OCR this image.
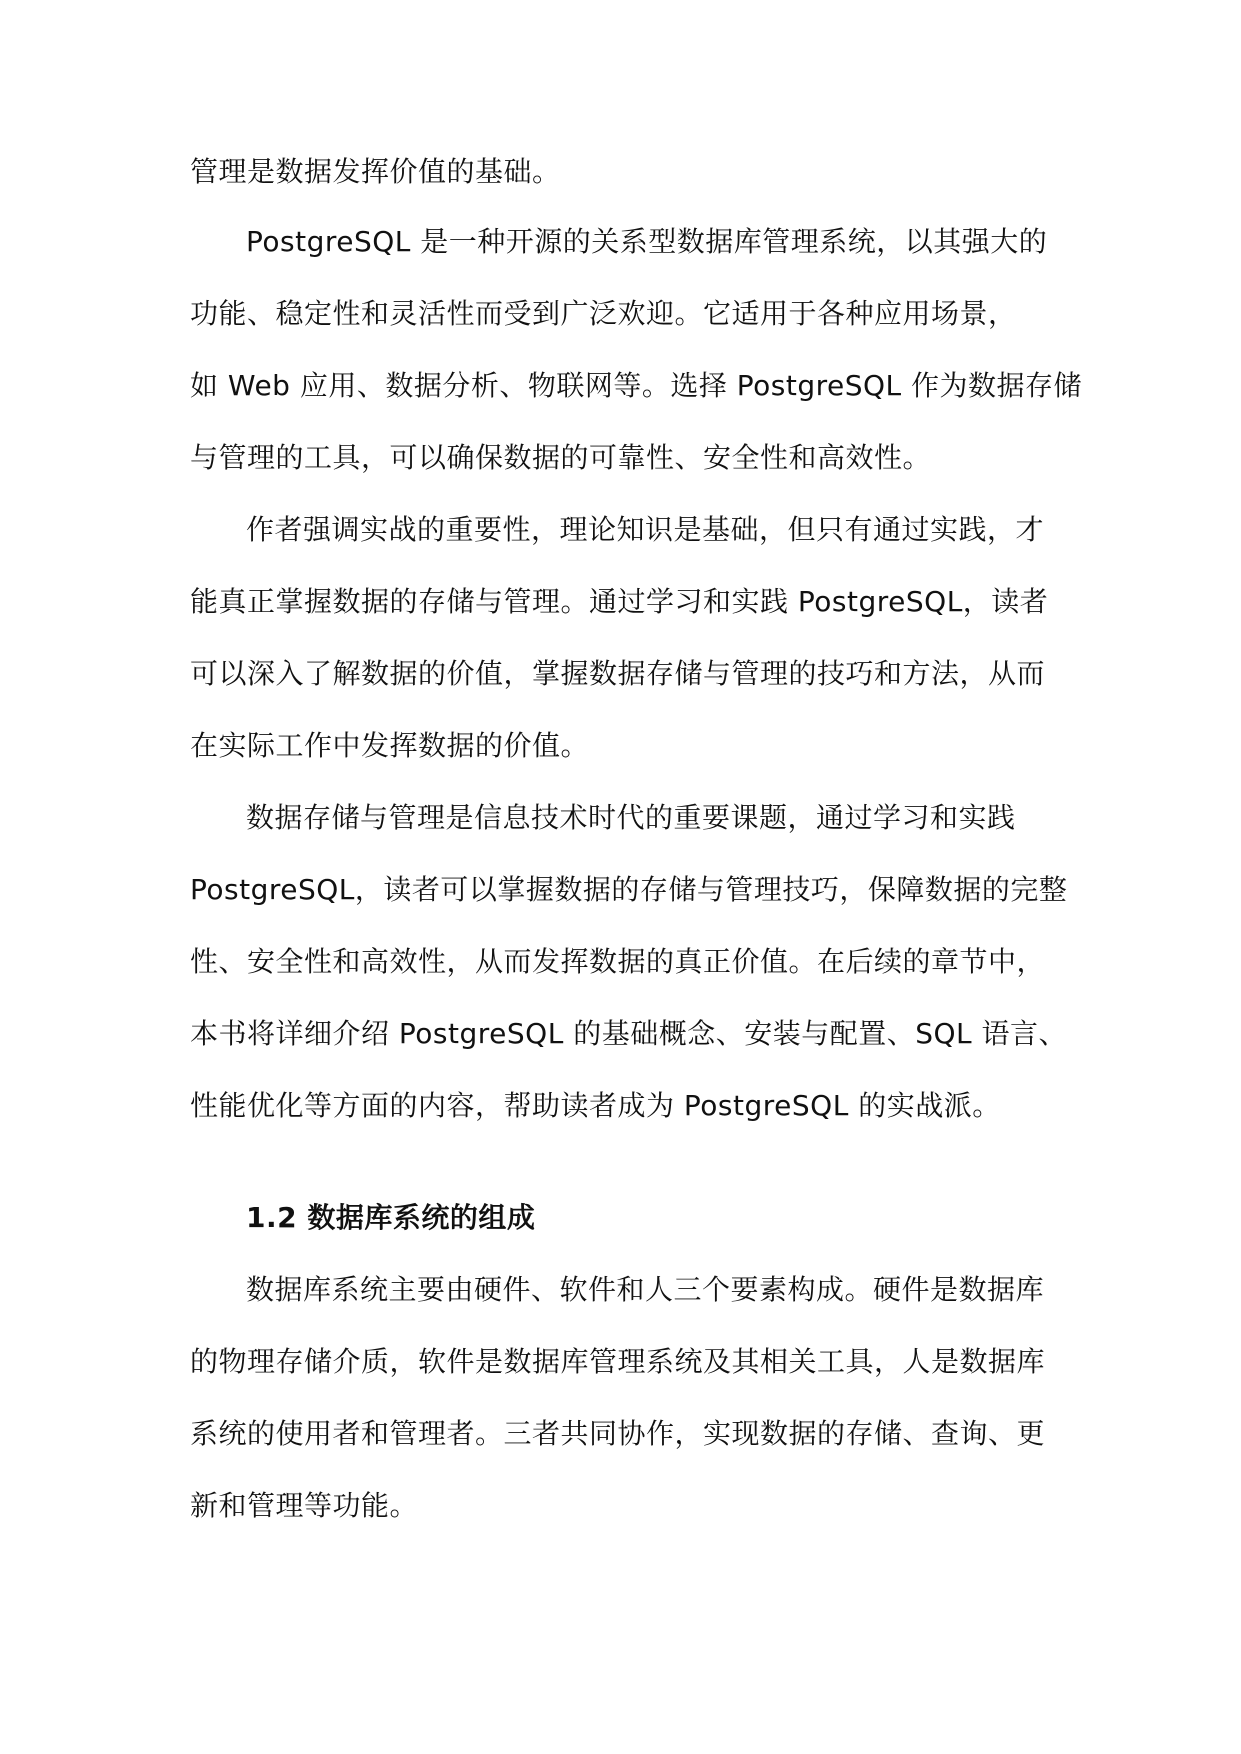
管理是数据发挥价值的基础。
PostgreSQL 是一种开源的关系型数据库管理系统，以其强大的
功能、稳定性和灵活性而受到广泛欢迎。它适用于各种应用场景，
如 Web 应用、数据分析、物联网等。选择 PostgreSQL 作为数据存储
与管理的工具，可以确保数据的可靠性、安全性和高效性。
作者强调实战的重要性，理论知识是基础，但只有通过实践，才
能真正掌握数据的存储与管理。通过学习和实践 PostgreSQL，读者
可以深入了解数据的价值，掌握数据存储与管理的技巧和方法，从而
在实际工作中发挥数据的价值。
数据存储与管理是信息技术时代的重要课题，通过学习和实践
PostgreSQL，读者可以掌握数据的存储与管理技巧，保障数据的完整
性、安全性和高效性，从而发挥数据的真正价值。在后续的章节中，
本书将详细介绍 PostgreSQL 的基础概念、安装与配置、SQL 语言、
性能优化等方面的内容，帮助读者成为 PostgreSQL 的实战派。
1.2 数据库系统的组成
数据库系统主要由硬件、软件和人三个要素构成。硬件是数据库
的物理存储介质，软件是数据库管理系统及其相关工具，人是数据库
系统的使用者和管理者。三者共同协作，实现数据的存储、查询、更
新和管理等功能。
